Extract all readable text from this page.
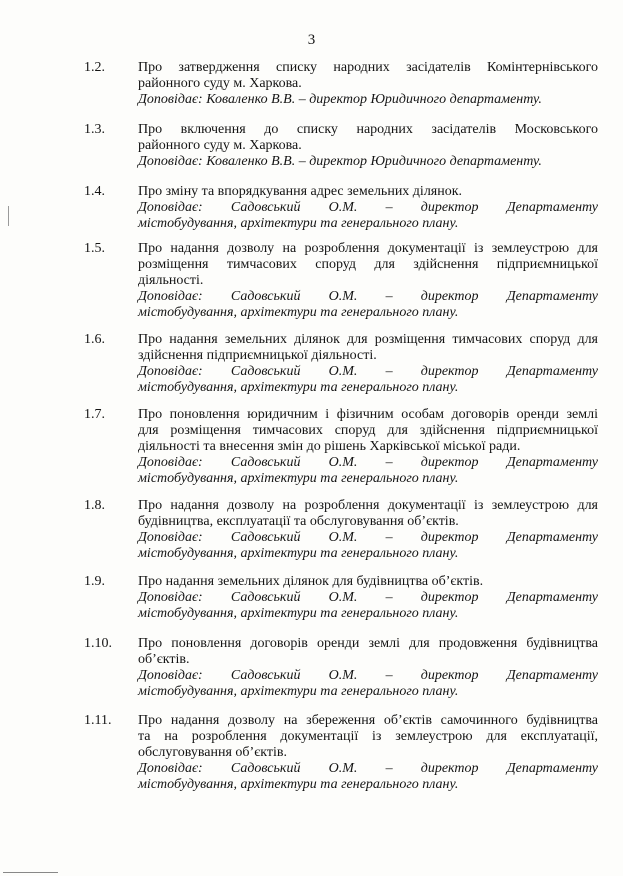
3
1.2. Про затвердження списку народних засідателів Комінтернівського
районного суду м. Харкова.
Доповідає: Коваленко В.В. – директор Юридичного департаменту.
1.3. Про включення до списку народних засідателів Московського
районного суду м. Харкова.
Доповідає: Коваленко В.В. – директор Юридичного департаменту.
1.4. Про зміну та впорядкування адрес земельних ділянок.
Доповідає: Садовський О.М. – директор Департаменту
містобудування, архітектури та генерального плану.
1.5. Про надання дозволу на розроблення документації із землеустрою для
розміщення тимчасових споруд для здійснення підприємницької
діяльності.
Доповідає: Садовський О.М. – директор Департаменту
містобудування, архітектури та генерального плану.
1.6. Про надання земельних ділянок для розміщення тимчасових споруд для
здійснення підприємницької діяльності.
Доповідає: Садовський О.М. – директор Департаменту
містобудування, архітектури та генерального плану.
1.7. Про поновлення юридичним і фізичним особам договорів оренди землі
для розміщення тимчасових споруд для здійснення підприємницької
діяльності та внесення змін до рішень Харківської міської ради.
Доповідає: Садовський О.М. – директор Департаменту
містобудування, архітектури та генерального плану.
1.8. Про надання дозволу на розроблення документації із землеустрою для
будівництва, експлуатації та обслуговування об’єктів.
Доповідає: Садовський О.М. – директор Департаменту
містобудування, архітектури та генерального плану.
1.9. Про надання земельних ділянок для будівництва об’єктів.
Доповідає: Садовський О.М. – директор Департаменту
містобудування, архітектури та генерального плану.
1.10. Про поновлення договорів оренди землі для продовження будівництва
об’єктів.
Доповідає: Садовський О.М. – директор Департаменту
містобудування, архітектури та генерального плану.
1.11. Про надання дозволу на збереження об’єктів самочинного будівництва
та на розроблення документації із землеустрою для експлуатації,
обслуговування об’єктів.
Доповідає: Садовський О.М. – директор Департаменту
містобудування, архітектури та генерального плану.
